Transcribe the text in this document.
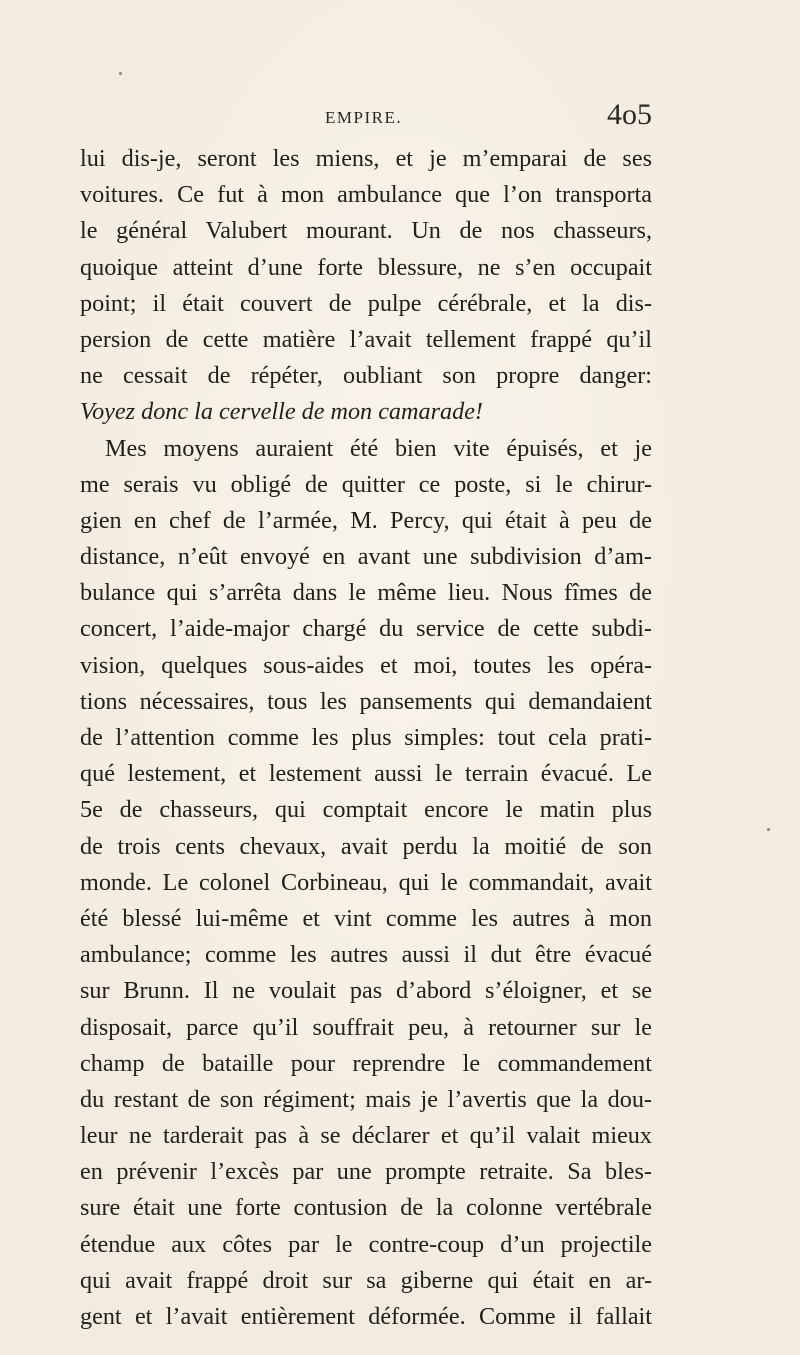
EMPIRE.	4o5
lui dis-je, seront les miens, et je m’emparai de ses
voitures. Ce fut à mon ambulance que l’on transporta
le général Valubert mourant. Un de nos chasseurs,
quoique atteint d’une forte blessure, ne s’en occupait
point; il était couvert de pulpe cérébrale, et la dis-
persion de cette matière l’avait tellement frappé qu’il
ne cessait de répéter, oubliant son propre danger:
Voyez donc la cervelle de mon camarade!
Mes moyens auraient été bien vite épuisés, et je
me serais vu obligé de quitter ce poste, si le chirur-
gien en chef de l’armée, M. Percy, qui était à peu de
distance, n’eût envoyé en avant une subdivision d’am-
bulance qui s’arrêta dans le même lieu. Nous fîmes de
concert, l’aide-major chargé du service de cette subdi-
vision, quelques sous-aides et moi, toutes les opéra-
tions nécessaires, tous les pansements qui demandaient
de l’attention comme les plus simples: tout cela prati-
qué lestement, et lestement aussi le terrain évacué. Le
5e de chasseurs, qui comptait encore le matin plus
de trois cents chevaux, avait perdu la moitié de son
monde. Le colonel Corbineau, qui le commandait, avait
été blessé lui-même et vint comme les autres à mon
ambulance; comme les autres aussi il dut être évacué
sur Brunn. Il ne voulait pas d’abord s’éloigner, et se
disposait, parce qu’il souffrait peu, à retourner sur le
champ de bataille pour reprendre le commandement
du restant de son régiment; mais je l’avertis que la dou-
leur ne tarderait pas à se déclarer et qu’il valait mieux
en prévenir l’excès par une prompte retraite. Sa bles-
sure était une forte contusion de la colonne vertébrale
étendue aux côtes par le contre-coup d’un projectile
qui avait frappé droit sur sa giberne qui était en ar-
gent et l’avait entièrement déformée. Comme il fallait
